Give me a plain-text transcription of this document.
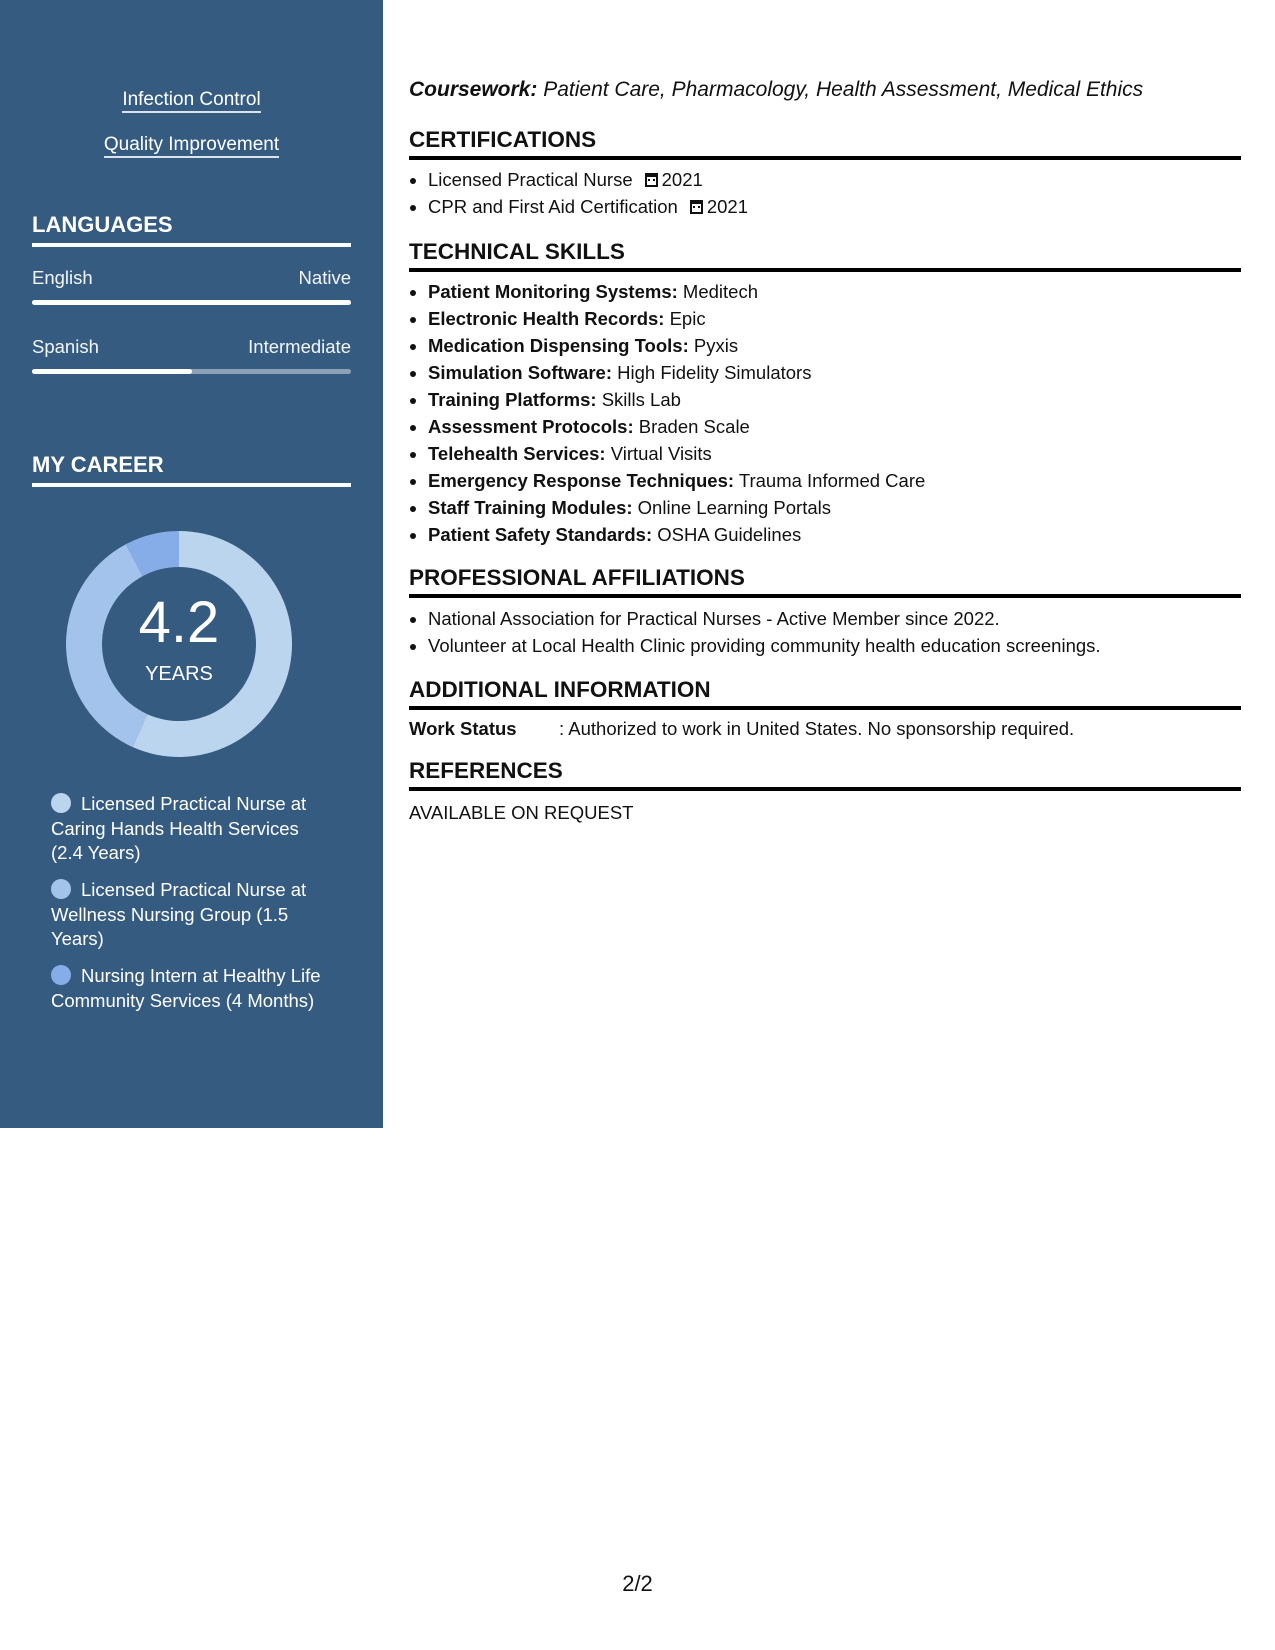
Infection Control
Quality Improvement
LANGUAGES
English	Native
Spanish	Intermediate
MY CAREER
4.2
YEARS
Licensed Practical Nurse at Caring Hands Health Services (2.4 Years)
Licensed Practical Nurse at Wellness Nursing Group (1.5 Years)
Nursing Intern at Healthy Life Community Services (4 Months)
Coursework: Patient Care, Pharmacology, Health Assessment, Medical Ethics
CERTIFICATIONS
• Licensed Practical Nurse 2021
• CPR and First Aid Certification 2021
TECHNICAL SKILLS
• Patient Monitoring Systems: Meditech
• Electronic Health Records: Epic
• Medication Dispensing Tools: Pyxis
• Simulation Software: High Fidelity Simulators
• Training Platforms: Skills Lab
• Assessment Protocols: Braden Scale
• Telehealth Services: Virtual Visits
• Emergency Response Techniques: Trauma Informed Care
• Staff Training Modules: Online Learning Portals
• Patient Safety Standards: OSHA Guidelines
PROFESSIONAL AFFILIATIONS
• National Association for Practical Nurses - Active Member since 2022.
• Volunteer at Local Health Clinic providing community health education screenings.
ADDITIONAL INFORMATION
Work Status : Authorized to work in United States. No sponsorship required.
REFERENCES
AVAILABLE ON REQUEST
2/2
